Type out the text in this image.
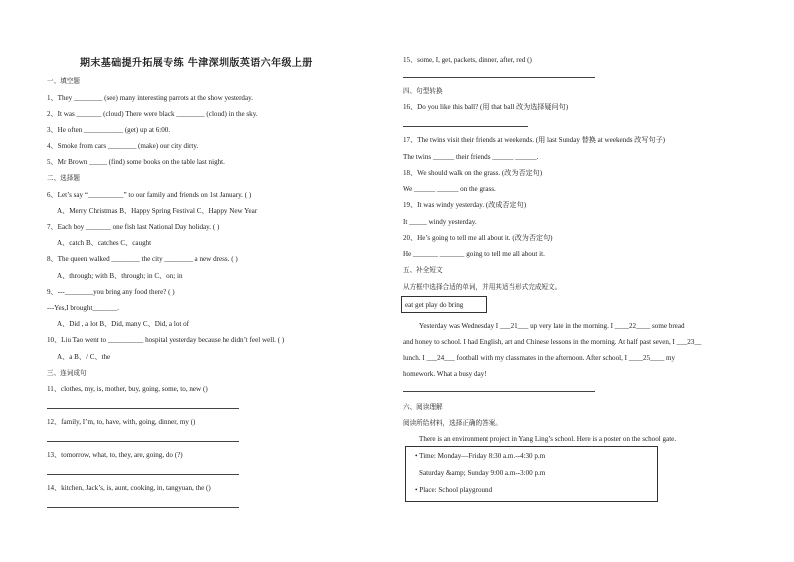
期末基础提升拓展专练 牛津深圳版英语六年级上册
一、填空题
1、They ________ (see) many interesting parrots at the show yesterday.
2、It was _______ (cloud) There were black ________ (cloud) in the sky.
3、He often ___________ (get) up at 6:00.
4、Smoke from cars ________ (make) our city dirty.
5、Mr Brown _____ (find) some books on the table last night.
二、选择题
6、Let’s say “__________” to our family and friends on 1st January. ( )
A、Merry Christmas B、Happy Spring Festival C、Happy New Year
7、Each boy _______ one fish last National Day holiday. ( )
A、catch B、catches C、caught
8、The queen walked ________ the city ________ a new dress. ( )
A、through; with B、through; in C、on; in
9、---________you bring any food there? ( )
---Yes,I brought_______.
A、Did , a lot B、Did, many C、Did, a lot of
10、Liu Tao went to __________ hospital yesterday because he didn’t feel well. ( )
A、a B、/ C、the
三、连词成句
11、clothes, my, is, mother, buy, going, some, to, new ()
12、family, I’m, to, have, with, going, dinner, my ()
13、tomorrow, what, to, they, are, going, do (?)
14、kitchen, Jack’s, is, aunt, cooking, in, tangyuan, the ()
15、some, I, get, packets, dinner, after, red ()
四、句型转换
16、Do you like this ball? (用 that ball 改为选择疑问句)
17、The twins visit their friends at weekends. (用 last Sunday 替换 at weekends 改写句子)
The twins ______ their friends ______ ______.
18、We should walk on the grass. (改为否定句)
We ______ ______ on the grass.
19、It was windy yesterday. (改成否定句)
It _____ windy yesterday.
20、He’s going to tell me all about it. (改为否定句)
He _______ _______ going to tell me all about it.
五、补全短文
从方框中选择合适的单词，并用其适当形式完成短文。
eat get play do bring
Yesterday was Wednesday I ___21___ up very late in the morning. I ____22____ some bread
and honey to school. I had English, art and Chinese lessons in the morning. At half past seven, I ___23__
lunch. I ___24___ football with my classmates in the afternoon. After school, I ____25____ my
homework. What a busy day!
六、阅读理解
阅读所给材料，选择正确的答案。
There is an environment project in Yang Ling’s school. Here is a poster on the school gate.
• Time: Monday—Friday 8:30 a.m.--4:30 p.m
Saturday &amp; Sunday 9:00 a.m--3:00 p.m
• Place: School playground
